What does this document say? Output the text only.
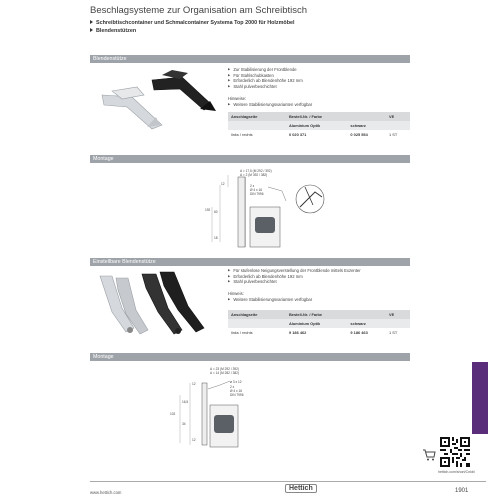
Beschlagsysteme zur Organisation am Schreibtisch
Schreibtischcontainer und Schmalcontainer Systema Top 2000 für Holzmöbel
Blendenstützen
Blendenstütze
▶ Zur Stabilisierung der Frontblende
▶ Für Stahlschubkasten
▶ Erforderlich ab Blendenhöhe 192 mm
▶ Stahl pulverbeschichtet
Hinweise:
▶ Weitere Stabilisierungsvarianten verfügbar
Anschlagseite	Bestell-Nr. / Farbe		VE
	Aluminium Optik	schwarz	
links / rechts	0 020 371	0 025 554	1 ST
Montage
A = 17,5 (M 292 / 392)
A = 2 (M 392 / 382)
2 x
Ø 4 x 16
DIN 7996
12
192 60
18
Einstellbare Blendenstütze
▶ Für stufenlose Neigungsverstellung der Frontblende mittels Exzenter
▶ Erforderlich ab Blendenhöhe 192 mm
▶ Stahl pulverbeschichtet
Hinweis:
▶ Weitere Stabilisierungsvarianten verfügbar
Anschlagseite	Bestell-Nr. / Farbe		VE
	Aluminium Optik	schwarz	
links / rechts	9 186 462	9 186 463	1 ST
Montage
A = 23 (M 292 / 392)
A = 14 (M 282 / 382)
ø 3 x 12
2 x
Ø 4 x 16
DIN 7996
12
102
16,5
34
12
hettich.com/short/Cnkkt
www.hettich.com
Hettich	1901
